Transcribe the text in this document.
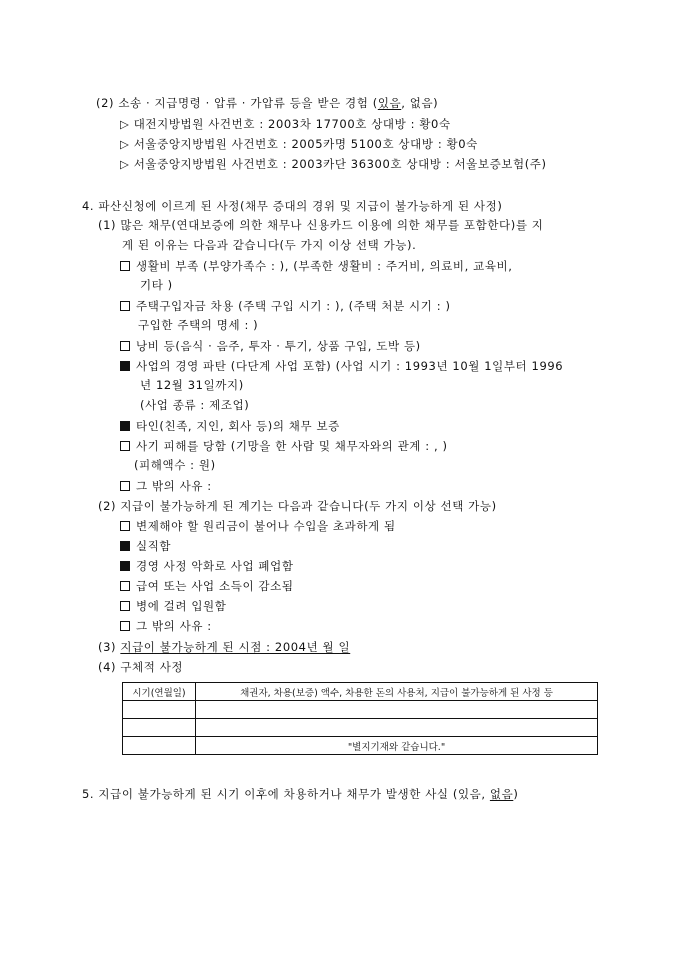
(2) 소송 · 지급명령 · 압류 · 가압류 등을 받은 경험 (있음, 없음)
▷ 대전지방법원 사건번호 : 2003차 17700호 상대방 : 황0숙
▷ 서울중앙지방법원 사건번호 : 2005카명 5100호 상대방 : 황0숙
▷ 서울중앙지방법원 사건번호 : 2003카단 36300호 상대방 : 서울보증보험(주)
4. 파산신청에 이르게 된 사정(채무 증대의 경위 및 지급이 불가능하게 된 사정)
(1) 많은 채무(연대보증에 의한 채무나 신용카드 이용에 의한 채무를 포함한다)를 지
게 된 이유는 다음과 같습니다(두 가지 이상 선택 가능).
생활비 부족 (부양가족수 : ), (부족한 생활비 : 주거비, 의료비, 교육비,
기타 )
주택구입자금 차용 (주택 구입 시기 : ), (주택 처분 시기 : )
구입한 주택의 명세 : )
낭비 등(음식 · 음주, 투자 · 투기, 상품 구입, 도박 등)
사업의 경영 파탄 (다단계 사업 포함) (사업 시기 : 1993년 10월 1일부터 1996
년 12월 31일까지)
(사업 종류 : 제조업)
타인(친족, 지인, 회사 등)의 채무 보증
사기 피해를 당함 (기망을 한 사람 및 채무자와의 관계 : , )
(피해액수 : 원)
그 밖의 사유 :
(2) 지급이 불가능하게 된 계기는 다음과 같습니다(두 가지 이상 선택 가능)
변제해야 할 원리금이 불어나 수입을 초과하게 됨
실직함
경영 사정 악화로 사업 폐업함
급여 또는 사업 소득이 감소됨
병에 걸려 입원함
그 밖의 사유 :
(3) 지급이 불가능하게 된 시점 : 2004년 월 일
(4) 구체적 사정
시기(연월일)	채권자, 차용(보증) 액수, 차용한 돈의 사용처, 지급이 불가능하게 된 사정 등

	"별지기재와 같습니다."
5. 지급이 불가능하게 된 시기 이후에 차용하거나 채무가 발생한 사실 (있음, 없음)
